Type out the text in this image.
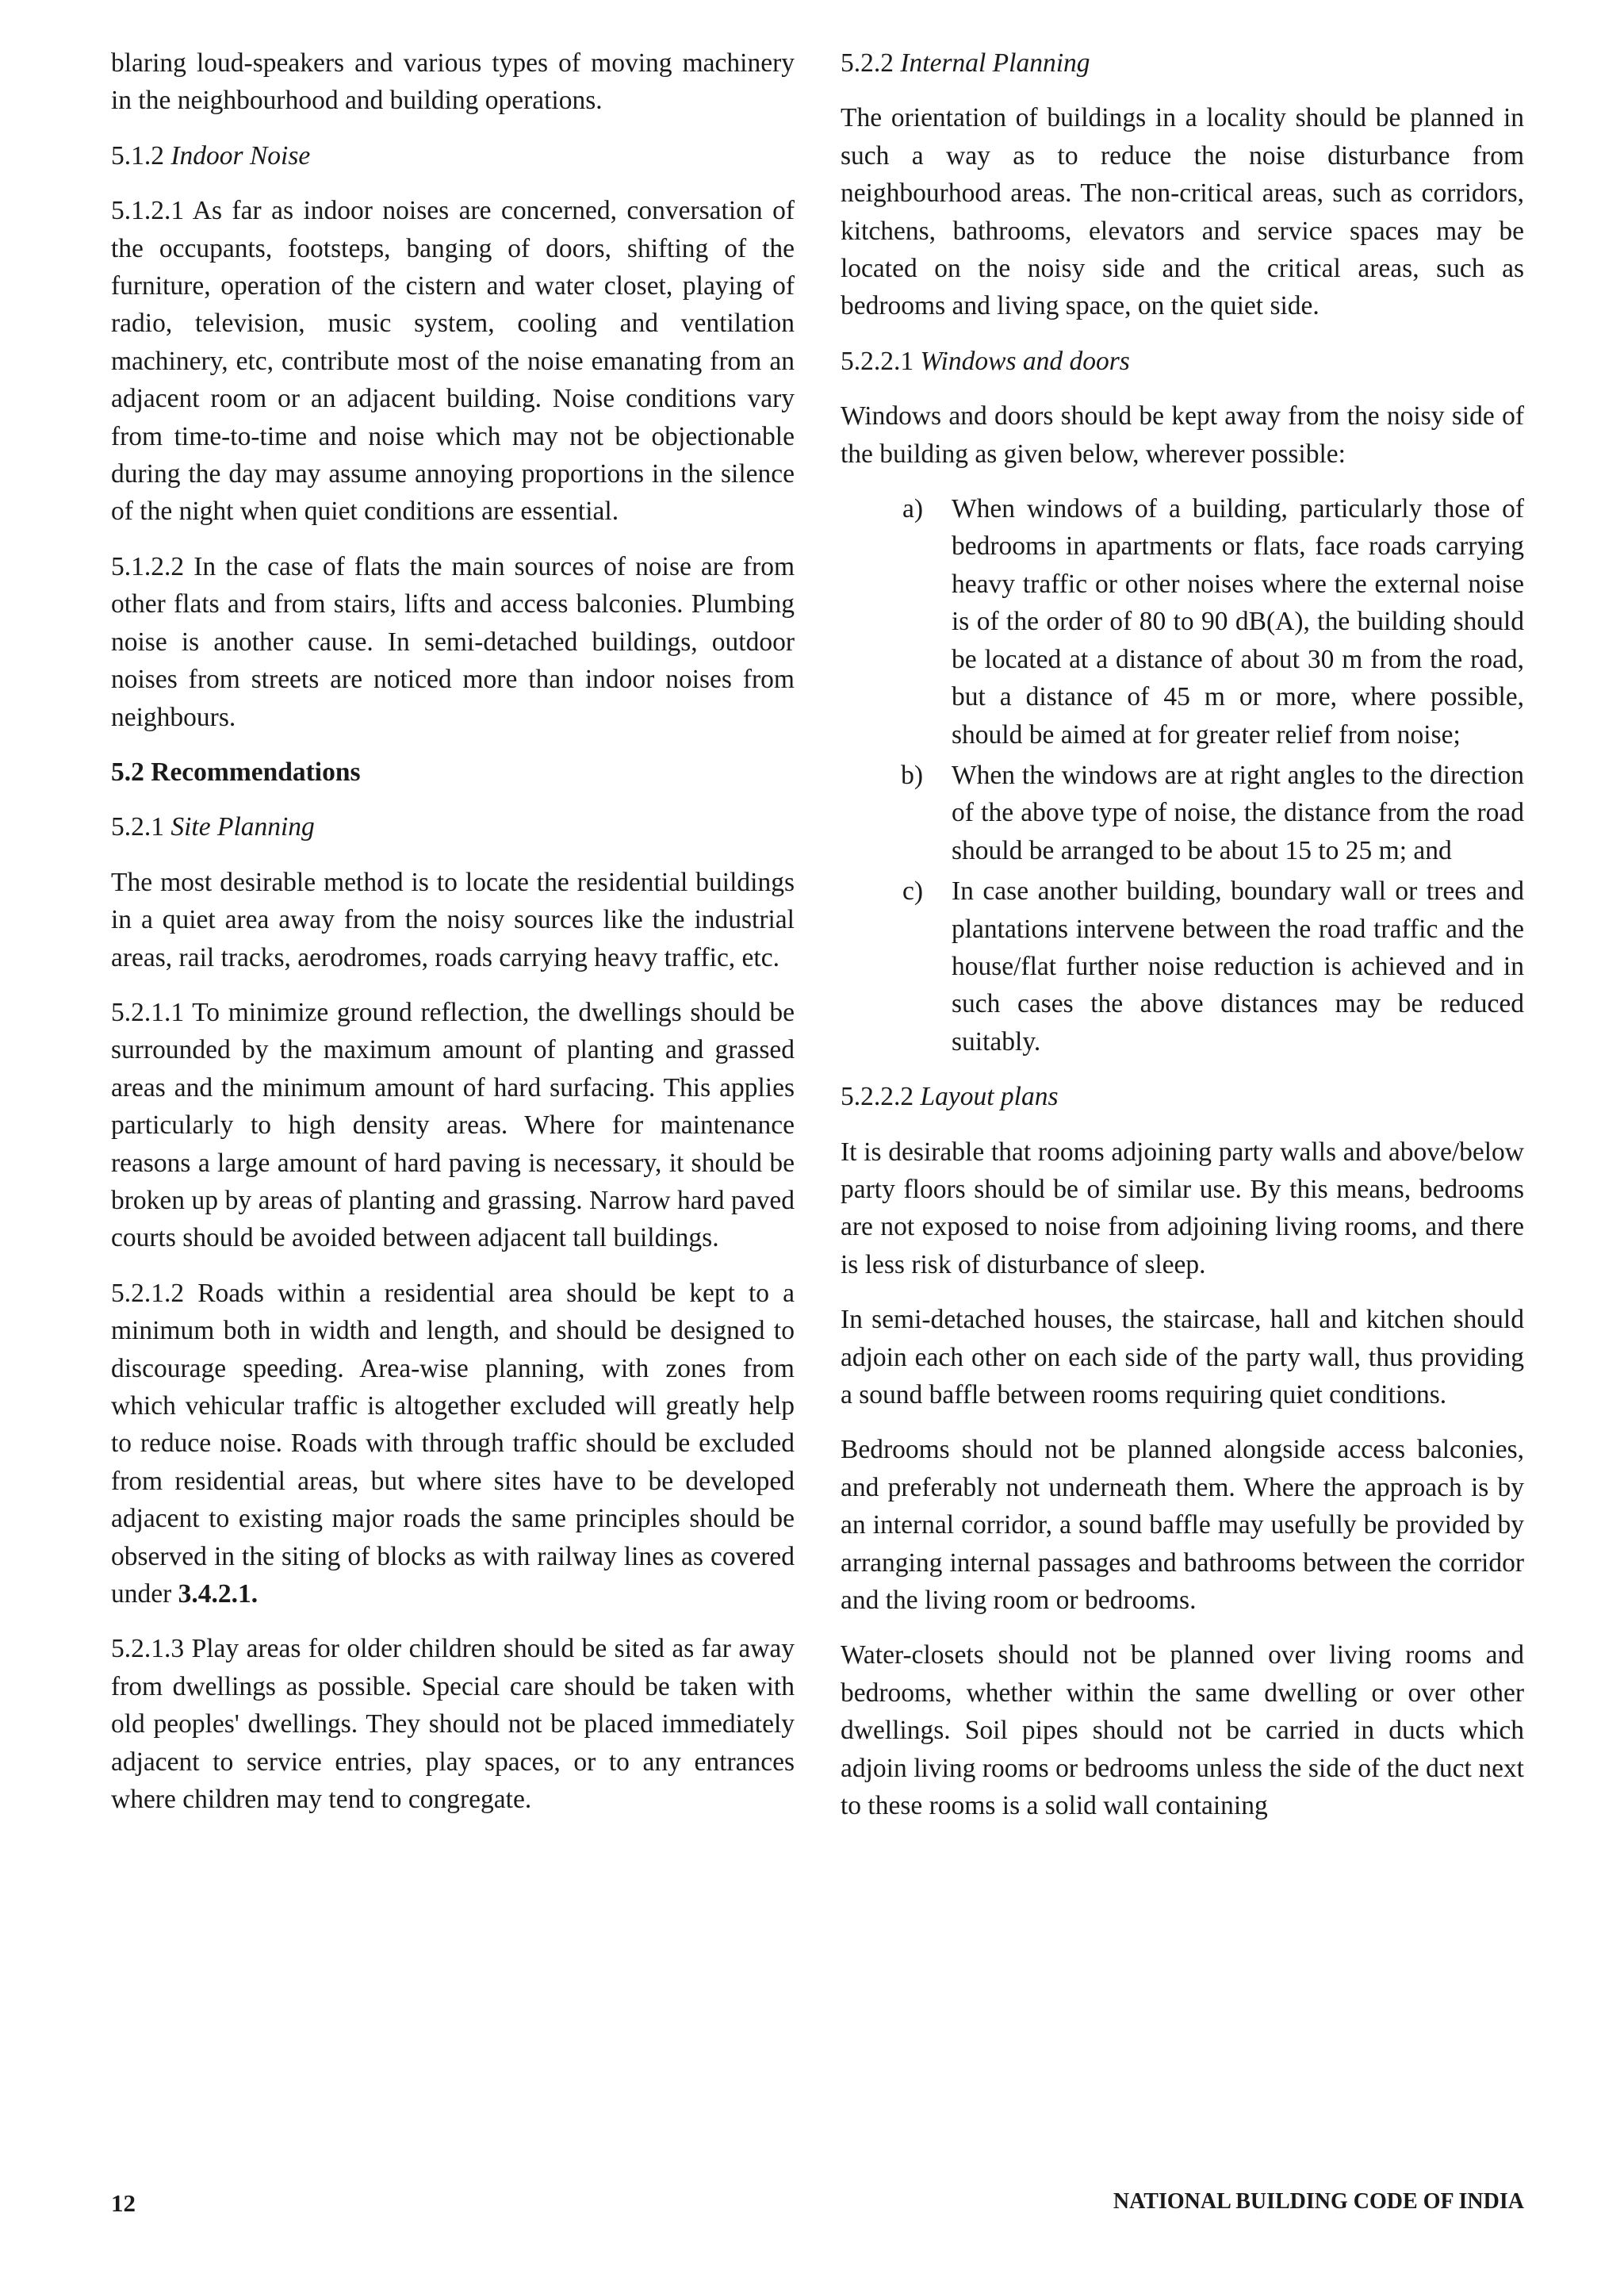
blaring loud-speakers and various types of moving machinery in the neighbourhood and building operations.

5.1.2 Indoor Noise

5.1.2.1 As far as indoor noises are concerned, conversation of the occupants, footsteps, banging of doors, shifting of the furniture, operation of the cistern and water closet, playing of radio, television, music system, cooling and ventilation machinery, etc, contribute most of the noise emanating from an adjacent room or an adjacent building. Noise conditions vary from time-to-time and noise which may not be objectionable during the day may assume annoying proportions in the silence of the night when quiet conditions are essential.

5.1.2.2 In the case of flats the main sources of noise are from other flats and from stairs, lifts and access balconies. Plumbing noise is another cause. In semi-detached buildings, outdoor noises from streets are noticed more than indoor noises from neighbours.

5.2 Recommendations

5.2.1 Site Planning

The most desirable method is to locate the residential buildings in a quiet area away from the noisy sources like the industrial areas, rail tracks, aerodromes, roads carrying heavy traffic, etc.

5.2.1.1 To minimize ground reflection, the dwellings should be surrounded by the maximum amount of planting and grassed areas and the minimum amount of hard surfacing. This applies particularly to high density areas. Where for maintenance reasons a large amount of hard paving is necessary, it should be broken up by areas of planting and grassing. Narrow hard paved courts should be avoided between adjacent tall buildings.

5.2.1.2 Roads within a residential area should be kept to a minimum both in width and length, and should be designed to discourage speeding. Area-wise planning, with zones from which vehicular traffic is altogether excluded will greatly help to reduce noise. Roads with through traffic should be excluded from residential areas, but where sites have to be developed adjacent to existing major roads the same principles should be observed in the siting of blocks as with railway lines as covered under 3.4.2.1.

5.2.1.3 Play areas for older children should be sited as far away from dwellings as possible. Special care should be taken with old peoples' dwellings. They should not be placed immediately adjacent to service entries, play spaces, or to any entrances where children may tend to congregate.

5.2.2 Internal Planning

The orientation of buildings in a locality should be planned in such a way as to reduce the noise disturbance from neighbourhood areas. The non-critical areas, such as corridors, kitchens, bathrooms, elevators and service spaces may be located on the noisy side and the critical areas, such as bedrooms and living space, on the quiet side.

5.2.2.1 Windows and doors

Windows and doors should be kept away from the noisy side of the building as given below, wherever possible:

a)	When windows of a building, particularly those of bedrooms in apartments or flats, face roads carrying heavy traffic or other noises where the external noise is of the order of 80 to 90 dB(A), the building should be located at a distance of about 30 m from the road, but a distance of 45 m or more, where possible, should be aimed at for greater relief from noise;
b)	When the windows are at right angles to the direction of the above type of noise, the distance from the road should be arranged to be about 15 to 25 m; and
c)	In case another building, boundary wall or trees and plantations intervene between the road traffic and the house/flat further noise reduction is achieved and in such cases the above distances may be reduced suitably.

5.2.2.2 Layout plans

It is desirable that rooms adjoining party walls and above/below party floors should be of similar use. By this means, bedrooms are not exposed to noise from adjoining living rooms, and there is less risk of disturbance of sleep.

In semi-detached houses, the staircase, hall and kitchen should adjoin each other on each side of the party wall, thus providing a sound baffle between rooms requiring quiet conditions.

Bedrooms should not be planned alongside access balconies, and preferably not underneath them. Where the approach is by an internal corridor, a sound baffle may usefully be provided by arranging internal passages and bathrooms between the corridor and the living room or bedrooms.

Water-closets should not be planned over living rooms and bedrooms, whether within the same dwelling or over other dwellings. Soil pipes should not be carried in ducts which adjoin living rooms or bedrooms unless the side of the duct next to these rooms is a solid wall containing

12	NATIONAL BUILDING CODE OF INDIA
